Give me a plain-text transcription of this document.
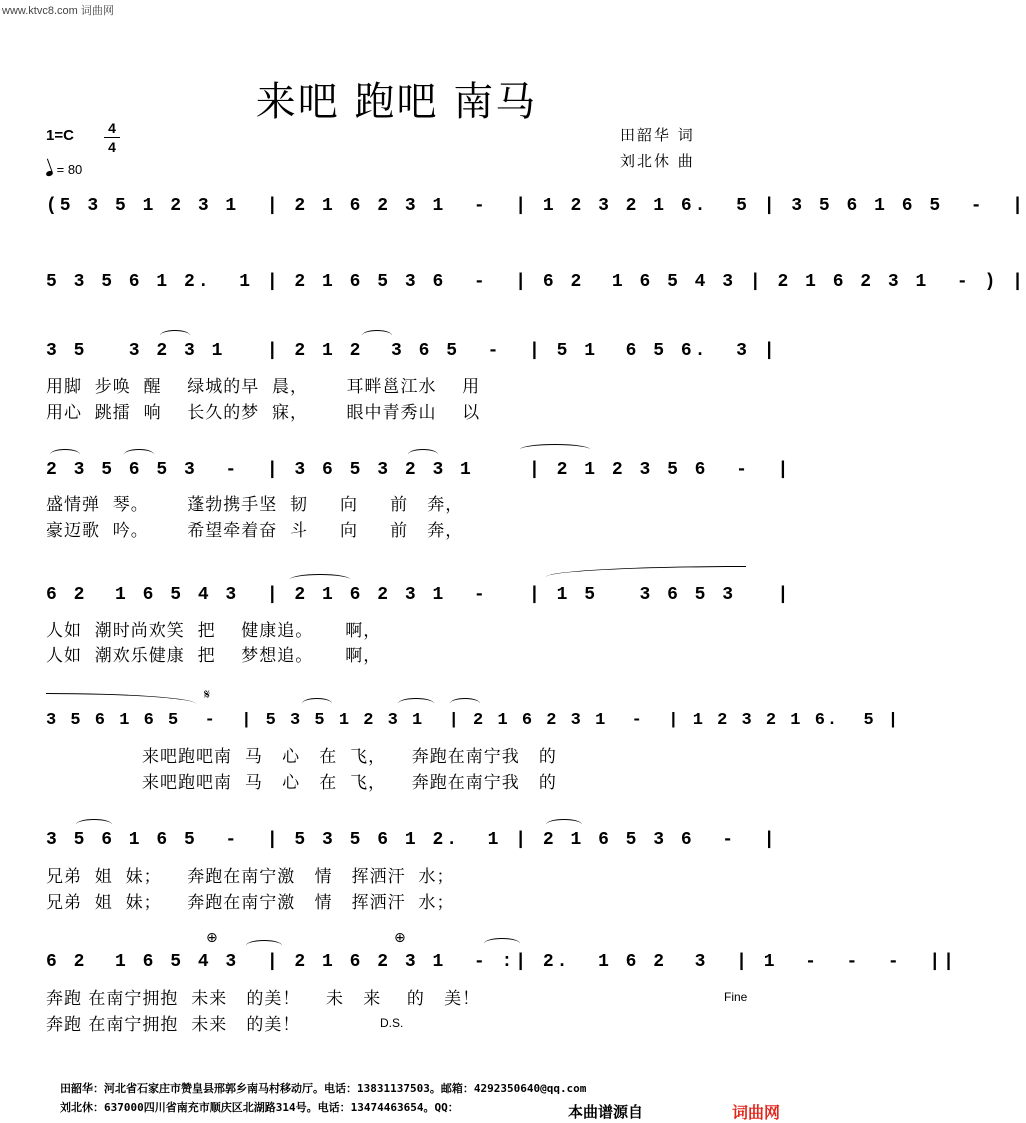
www.ktvc8.com 词曲网
来吧 跑吧 南马
1=C 4
4
= 80
田韶华 词
刘北休 曲
(5 3 5 1 2 3 1  | 2 1 6 2 3 1  -  | 1 2 3 2 1 6.  5 | 3 5 6 1 6 5  -  |
5 3 5 6 1 2.  1 | 2 1 6 5 3 6  -  | 6 2  1 6 5 4 3 | 2 1 6 2 3 1  - ) |
3 5   3 2 3 1   | 2 1 2  3 6 5  -  | 5 1  6 5 6.  3 |
用脚  步唤  醒    绿城的早  晨，      耳畔邕江水    用
用心  跳擂  响    长久的梦  寐，      眼中青秀山    以
2 3 5 6 5 3  -  | 3 6 5 3 2 3 1    | 2 1 2 3 5 6  -  |
盛情弹  琴。      蓬勃携手坚  韧     向     前   奔，
豪迈歌  吟。      希望牵着奋  斗     向     前   奔，
6 2  1 6 5 4 3  | 2 1 6 2 3 1  -   | 1 5   3 6 5 3   |
人如  潮时尚欢笑  把    健康追。     啊，
人如  潮欢乐健康  把    梦想追。     啊，
𝄋
3 5 6 1 6 5  -  | 5 3 5 1 2 3 1  | 2 1 6 2 3 1  -  | 1 2 3 2 1 6.  5 |
来吧跑吧南  马   心   在  飞，    奔跑在南宁我   的
来吧跑吧南  马   心   在  飞，    奔跑在南宁我   的
3 5 6 1 6 5  -  | 5 3 5 6 1 2.  1 | 2 1 6 5 3 6  -  |
兄弟  姐  妹；    奔跑在南宁激   情   挥洒汗  水；
兄弟  姐  妹；    奔跑在南宁激   情   挥洒汗  水；
⊕	⊕
6 2  1 6 5 4 3  | 2 1 6 2 3 1  - :| 2.  1 6 2  3  | 1  -  -  -  ||
奔跑 在南宁拥抱  未来   的美！    未   来    的   美！	Fine
奔跑 在南宁拥抱  未来   的美！	D.S.
田韶华：河北省石家庄市赞皇县邢郭乡南马村移动厅。电话：13831137503。邮箱：4292350640@qq.com
刘北休：637000四川省南充市顺庆区北湖路314号。电话：13474463654。QQ：	本曲谱源自	词曲网
